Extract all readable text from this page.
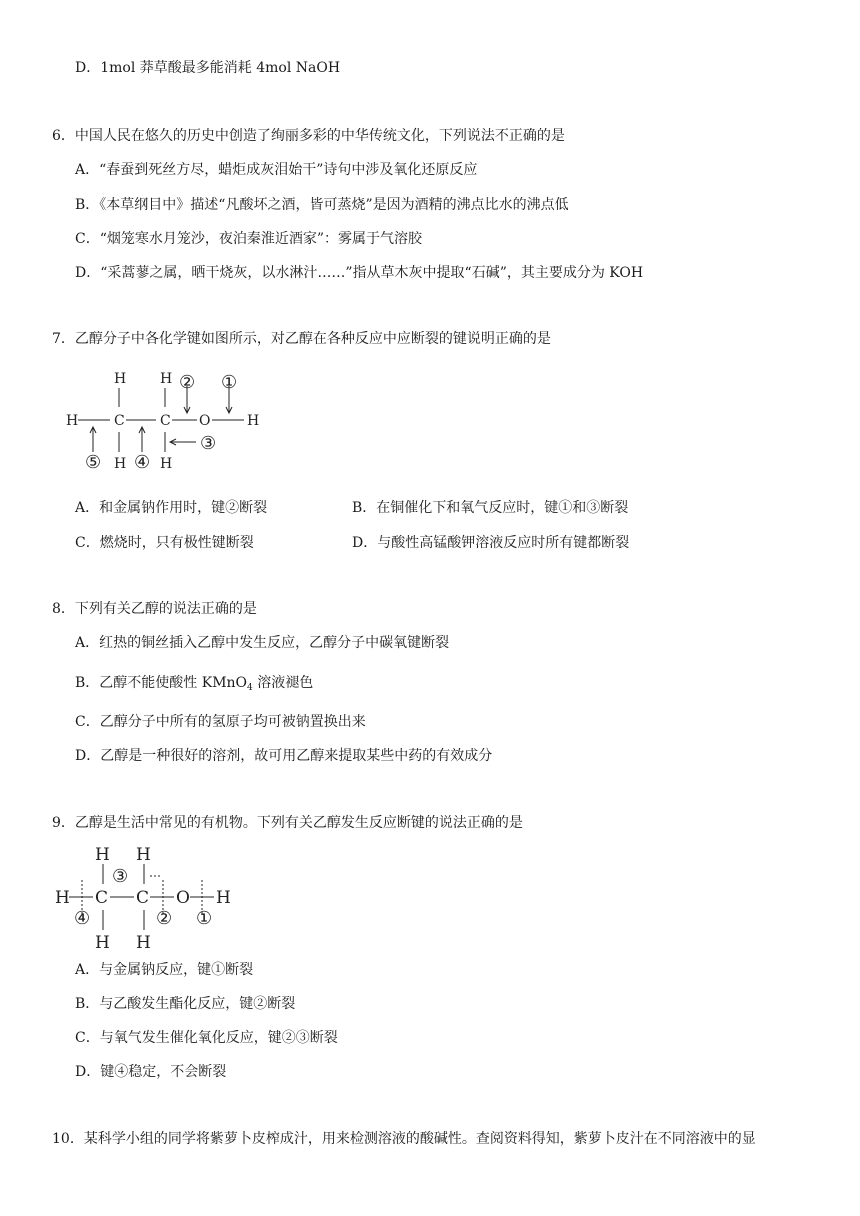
D．1mol 莽草酸最多能消耗 4mol NaOH
6．中国人民在悠久的历史中创造了绚丽多彩的中华传统文化，下列说法不正确的是
A．“春蚕到死丝方尽，蜡炬成灰泪始干”诗句中涉及氧化还原反应
B．《本草纲目中》描述“凡酸坏之酒，皆可蒸烧”是因为酒精的沸点比水的沸点低
C．“烟笼寒水月笼沙，夜泊秦淮近酒家”：雾属于气溶胶
D．“采蒿蓼之属，晒干烧灰，以水淋汁……”指从草木灰中提取“石碱”，其主要成分为 KOH
7．乙醇分子中各化学键如图所示，对乙醇在各种反应中应断裂的键说明正确的是
H	C	C O	H
H H
H H
①
②
③
④
⑤
A．和金属钠作用时，键②断裂	B．在铜催化下和氧气反应时，键①和③断裂
C．燃烧时，只有极性键断裂	D．与酸性高锰酸钾溶液反应时所有键都断裂
8．下列有关乙醇的说法正确的是
A．红热的铜丝插入乙醇中发生反应，乙醇分子中碳氧键断裂
B．乙醇不能使酸性 KMnO$_4$ 溶液褪色
C．乙醇分子中所有的氢原子均可被钠置换出来
D．乙醇是一种很好的溶剂，故可用乙醇来提取某些中药的有效成分
9．乙醇是生活中常见的有机物。下列有关乙醇发生反应断键的说法正确的是
H C C O H
H H
H H
③
④	② ①
A．与金属钠反应，键①断裂
B．与乙酸发生酯化反应，键②断裂
C．与氧气发生催化氧化反应，键②③断裂
D．键④稳定，不会断裂
10．某科学小组的同学将紫萝卜皮榨成汁，用来检测溶液的酸碱性。查阅资料得知，紫萝卜皮汁在不同溶液中的显
